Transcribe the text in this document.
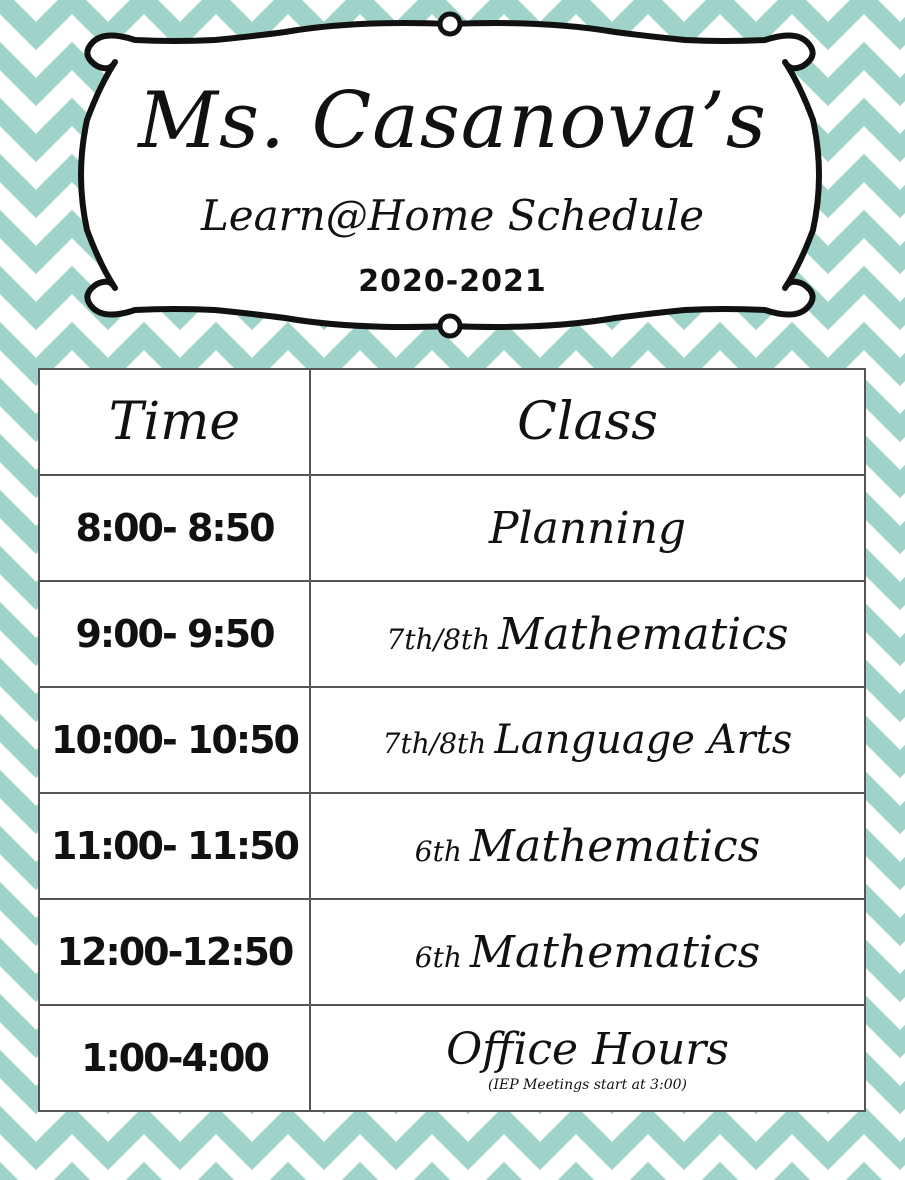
Ms. Casanova’s
Learn@Home Schedule
2020-2021
Time	Class
8:00- 8:50	Planning
9:00- 9:50	7th/8th Mathematics
10:00- 10:50	7th/8th Language Arts
11:00- 11:50	6th Mathematics
12:00-12:50	6th Mathematics
1:00-4:00	Office Hours
(IEP Meetings start at 3:00)
